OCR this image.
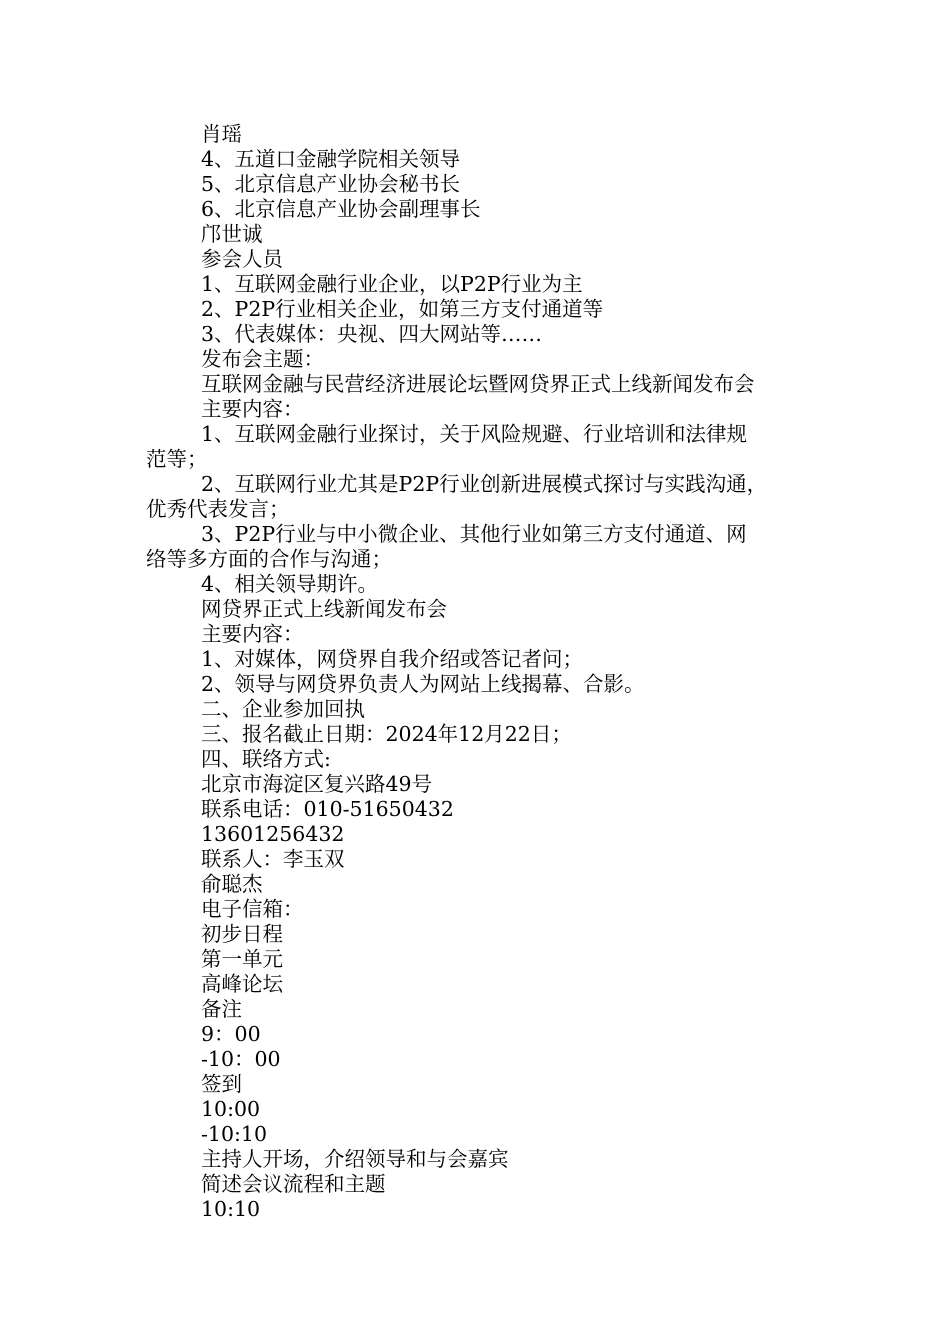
肖瑶
4、五道口金融学院相关领导
5、北京信息产业协会秘书长
6、北京信息产业协会副理事长
邝世诚
参会人员
1、互联网金融行业企业，以P2P行业为主
2、P2P行业相关企业，如第三方支付通道等
3、代表媒体：央视、四大网站等……
发布会主题：
互联网金融与民营经济进展论坛暨网贷界正式上线新闻发布会
主要内容：
1、互联网金融行业探讨，关于风险规避、行业培训和法律规
范等；
2、互联网行业尤其是P2P行业创新进展模式探讨与实践沟通，
优秀代表发言；
3、P2P行业与中小微企业、其他行业如第三方支付通道、网
络等多方面的合作与沟通；
4、相关领导期许。
网贷界正式上线新闻发布会
主要内容：
1、对媒体，网贷界自我介绍或答记者问；
2、领导与网贷界负责人为网站上线揭幕、合影。
二、企业参加回执
三、报名截止日期：2024年12月22日；
四、联络方式:
北京市海淀区复兴路49号
联系电话：010-51650432
13601256432
联系人：李玉双
俞聪杰
电子信箱：
初步日程
第一单元
高峰论坛
备注
9：00
-10：00
签到
10:00
-10:10
主持人开场，介绍领导和与会嘉宾
简述会议流程和主题
10:10
